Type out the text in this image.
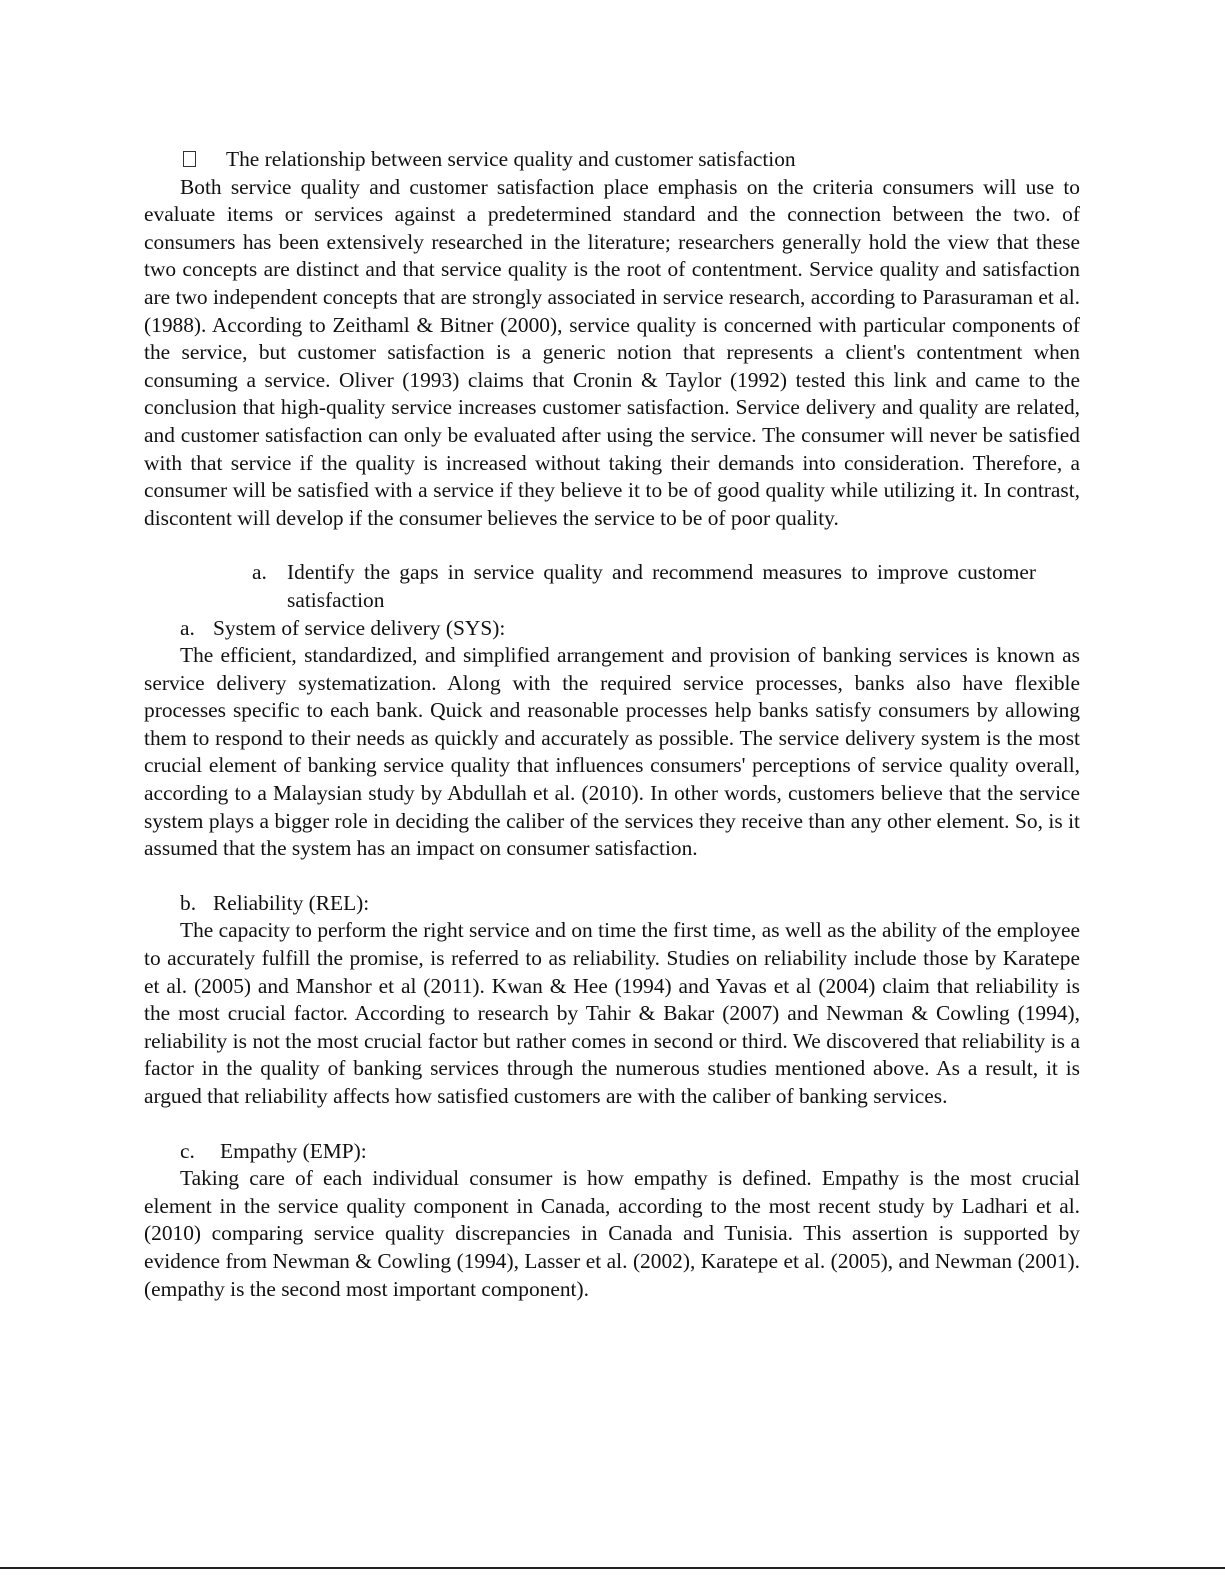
The relationship between service quality and customer satisfaction

Both service quality and customer satisfaction place emphasis on the criteria consumers will use to evaluate items or services against a predetermined standard and the connection between the two. of consumers has been extensively researched in the literature; researchers generally hold the view that these two concepts are distinct and that service quality is the root of contentment. Service quality and satisfaction are two independent concepts that are strongly associated in service research, according to Parasuraman et al. (1988). According to Zeithaml & Bitner (2000), service quality is concerned with particular components of the service, but customer satisfaction is a generic notion that represents a client's contentment when consuming a service. Oliver (1993) claims that Cronin & Taylor (1992) tested this link and came to the conclusion that high-quality service increases customer satisfaction. Service delivery and quality are related, and customer satisfaction can only be evaluated after using the service. The consumer will never be satisfied with that service if the quality is increased without taking their demands into consideration. Therefore, a consumer will be satisfied with a service if they believe it to be of good quality while utilizing it. In contrast, discontent will develop if the consumer believes the service to be of poor quality.

a. Identify the gaps in service quality and recommend measures to improve customer satisfaction
a. System of service delivery (SYS):

The efficient, standardized, and simplified arrangement and provision of banking services is known as service delivery systematization. Along with the required service processes, banks also have flexible processes specific to each bank. Quick and reasonable processes help banks satisfy consumers by allowing them to respond to their needs as quickly and accurately as possible. The service delivery system is the most crucial element of banking service quality that influences consumers' perceptions of service quality overall, according to a Malaysian study by Abdullah et al. (2010). In other words, customers believe that the service system plays a bigger role in deciding the caliber of the services they receive than any other element. So, is it assumed that the system has an impact on consumer satisfaction.

b. Reliability (REL):

The capacity to perform the right service and on time the first time, as well as the ability of the employee to accurately fulfill the promise, is referred to as reliability. Studies on reliability include those by Karatepe et al. (2005) and Manshor et al (2011). Kwan & Hee (1994) and Yavas et al (2004) claim that reliability is the most crucial factor. According to research by Tahir & Bakar (2007) and Newman & Cowling (1994), reliability is not the most crucial factor but rather comes in second or third. We discovered that reliability is a factor in the quality of banking services through the numerous studies mentioned above. As a result, it is argued that reliability affects how satisfied customers are with the caliber of banking services.

c.	Empathy (EMP):

Taking care of each individual consumer is how empathy is defined. Empathy is the most crucial element in the service quality component in Canada, according to the most recent study by Ladhari et al. (2010) comparing service quality discrepancies in Canada and Tunisia. This assertion is supported by evidence from Newman & Cowling (1994), Lasser et al. (2002), Karatepe et al. (2005), and Newman (2001). (empathy is the second most important component).
